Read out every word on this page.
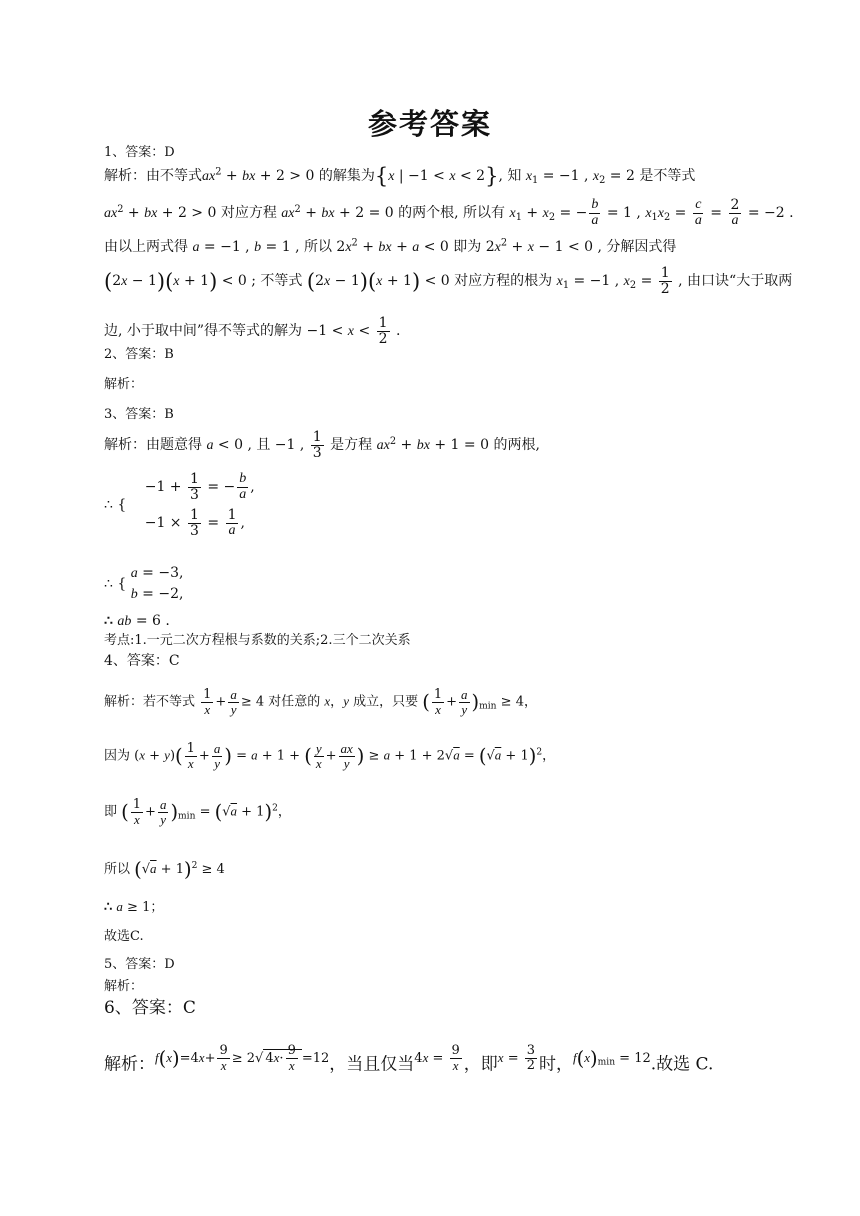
参考答案
1、答案：D
解析：由不等式$ax^2$ + bx + 2 > 0 的解集为{x | −1 < x < 2}, 知 $x_1 = -1$ , $x_2 = 2$ 是不等式
$ax^2$ + bx + 2 > 0 对应方程 $ax^2$ + bx + 2 = 0 的两个根, 所以有 $x_1 + x_2$ = − $\frac{b}{a} = 1$ , $x_1x_2 = \frac{c}{a} = \frac{2}{a} = -2$ .
由以上两式得 a = −1 , b = 1 , 所以 $2x^2$ + bx + a < 0 即为 $2x^2 + x - 1 < 0$ , 分解因式得
(2x − 1)(x + 1) < 0 ; 不等式 (2x − 1)(x + 1) < 0 对应方程的根为 $x_1 = -1$ , $x_2 = \frac{1}{2}$ , 由口诀“大于取两
边, 小于取中间”得不等式的解为 $-1 < x < \frac{1}{2}$ .
2、答案：B
解析：
3、答案：B
解析：由题意得 a < 0 , 且 −1 , $\frac{1}{3}$ 是方程 $ax^2$ + bx + 1 = 0 的两根,
∴ {
$-1 + \frac{1}{3}$ = − $\frac{b}{a}$ ,
$-1 \times \frac{1}{3} = \frac{1}{a}$ ,
∴ {
a = −3,
b = −2,
∴ ab = 6 .
考点:1.一元二次方程根与系数的关系;2.三个二次关系
4、答案：C
解析：若不等式 $\frac{1}{x} + \frac{a}{y} \ge 4$ 对任意的 x，y 成立，只要 ( $\frac{1}{x} + \frac{a}{y} )_{min} \ge 4$，
因为 $(x + y)( \frac{1}{x} + \frac{a}{y}$ ) = a + 1 + ( $\frac{y}{x} + \frac{ax}{y}$ ) ≥ $a + 1 + 2√a = (√a + 1)^2$，
即 ( $\frac{1}{x} + \frac{a}{y} )_{min} = (√a + 1)^2$，
所以 $(√a + 1)^2 \ge 4$
∴ a ≥ 1；
故选C.
5、答案：D
解析：
6、答案：C
解析：$f(x)=4x+ \frac{9}{x} \ge 2√$ $4x\cdot \frac{9}{x} =12$，当且仅当$4x = \frac{9}{x}$ ，即$x = \frac{3}{2}$ 时，$f(x)_{min} = 12$.故选 C.
